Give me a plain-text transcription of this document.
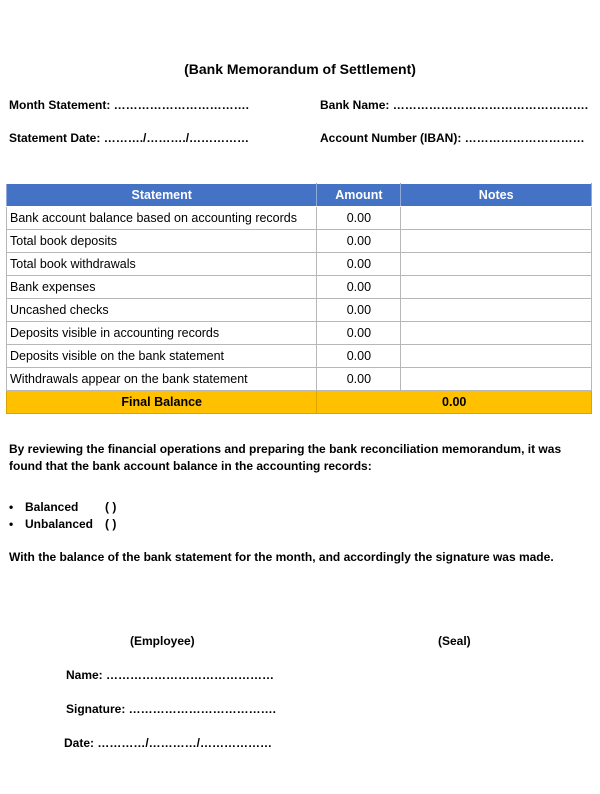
(Bank Memorandum of Settlement)
Month Statement: …………………………….	Bank Name: ………………………………………….
Statement Date: ………./………./……………	Account Number (IBAN): …………………………
Statement	Amount	Notes
Bank account balance based on accounting records	0.00	
Total book deposits	0.00	
Total book withdrawals	0.00	
Bank expenses	0.00	
Uncashed checks	0.00	
Deposits visible in accounting records	0.00	
Deposits visible on the bank statement	0.00	
Withdrawals appear on the bank statement	0.00	
Final Balance	0.00	
By reviewing the financial operations and preparing the bank reconciliation memorandum, it was found that the bank account balance in the accounting records:
• Balanced	( )
• Unbalanced ( )
With the balance of the bank statement for the month, and accordingly the signature was made.
(Employee)	(Seal)
Name: ……………………………………
Signature: ……………………………….
Date: …………/…………/………………
